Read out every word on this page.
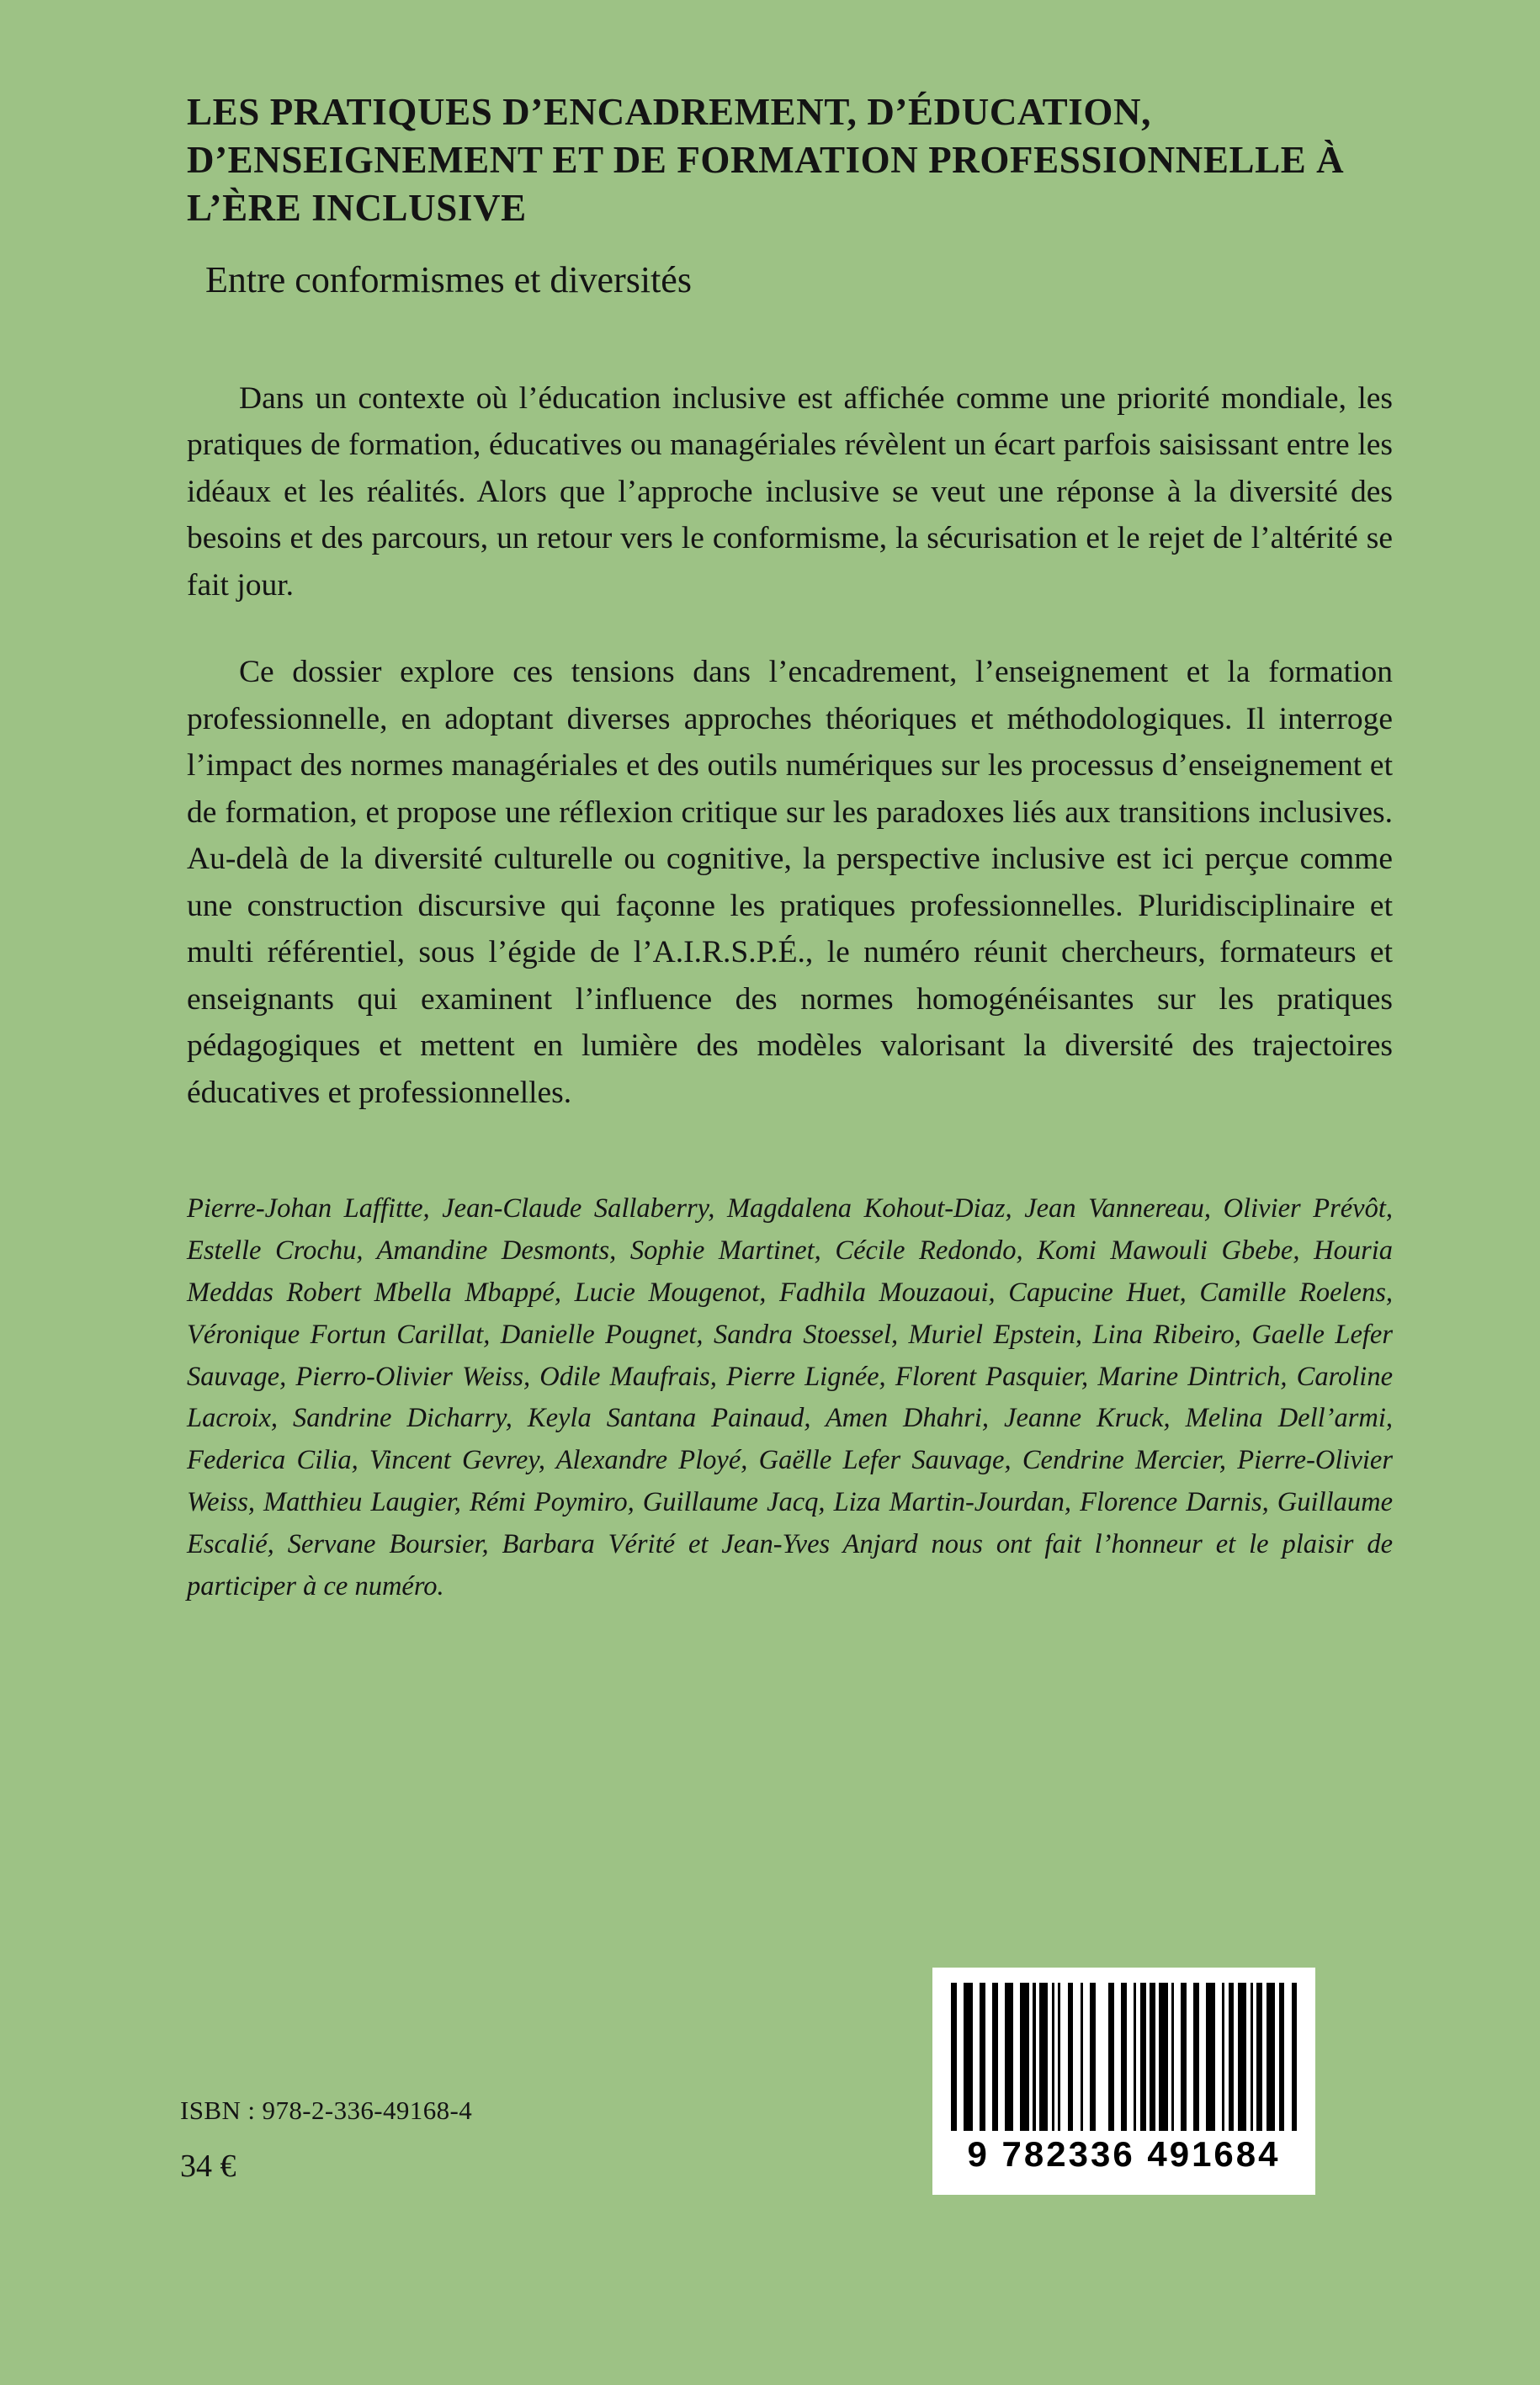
LES PRATIQUES D’ENCADREMENT, D’ÉDUCATION, D’ENSEIGNEMENT ET DE FORMATION PROFESSIONNELLE À L’ÈRE INCLUSIVE
Entre conformismes et diversités

Dans un contexte où l’éducation inclusive est affichée comme une priorité mondiale, les pratiques de formation, éducatives ou managériales révèlent un écart parfois saisissant entre les idéaux et les réalités. Alors que l’approche inclusive se veut une réponse à la diversité des besoins et des parcours, un retour vers le conformisme, la sécurisation et le rejet de l’altérité se fait jour.

Ce dossier explore ces tensions dans l’encadrement, l’enseignement et la formation professionnelle, en adoptant diverses approches théoriques et méthodologiques. Il interroge l’impact des normes managériales et des outils numériques sur les processus d’enseignement et de formation, et propose une réflexion critique sur les paradoxes liés aux transitions inclusives. Au-delà de la diversité culturelle ou cognitive, la perspective inclusive est ici perçue comme une construction discursive qui façonne les pratiques professionnelles. Pluridisciplinaire et multi référentiel, sous l’égide de l’A.I.R.S.P.É., le numéro réunit chercheurs, formateurs et enseignants qui examinent l’influence des normes homogénéisantes sur les pratiques pédagogiques et mettent en lumière des modèles valorisant la diversité des trajectoires éducatives et professionnelles.

Pierre-Johan Laffitte, Jean-Claude Sallaberry, Magdalena Kohout-Diaz, Jean Vannereau, Olivier Prévôt, Estelle Crochu, Amandine Desmonts, Sophie Martinet, Cécile Redondo, Komi Mawouli Gbebe, Houria Meddas Robert Mbella Mbappé, Lucie Mougenot, Fadhila Mouzaoui, Capucine Huet, Camille Roelens, Véronique Fortun Carillat, Danielle Pougnet, Sandra Stoessel, Muriel Epstein, Lina Ribeiro, Gaelle Lefer Sauvage, Pierro-Olivier Weiss, Odile Maufrais, Pierre Lignée, Florent Pasquier, Marine Dintrich, Caroline Lacroix, Sandrine Dicharry, Keyla Santana Painaud, Amen Dhahri, Jeanne Kruck, Melina Dell’armi, Federica Cilia, Vincent Gevrey, Alexandre Ployé, Gaëlle Lefer Sauvage, Cendrine Mercier, Pierre-Olivier Weiss, Matthieu Laugier, Rémi Poymiro, Guillaume Jacq, Liza Martin-Jourdan, Florence Darnis, Guillaume Escalié, Servane Boursier, Barbara Vérité et Jean-Yves Anjard nous ont fait l’honneur et le plaisir de participer à ce numéro.

ISBN : 978-2-336-49168-4

34 €	9 782336 491684
